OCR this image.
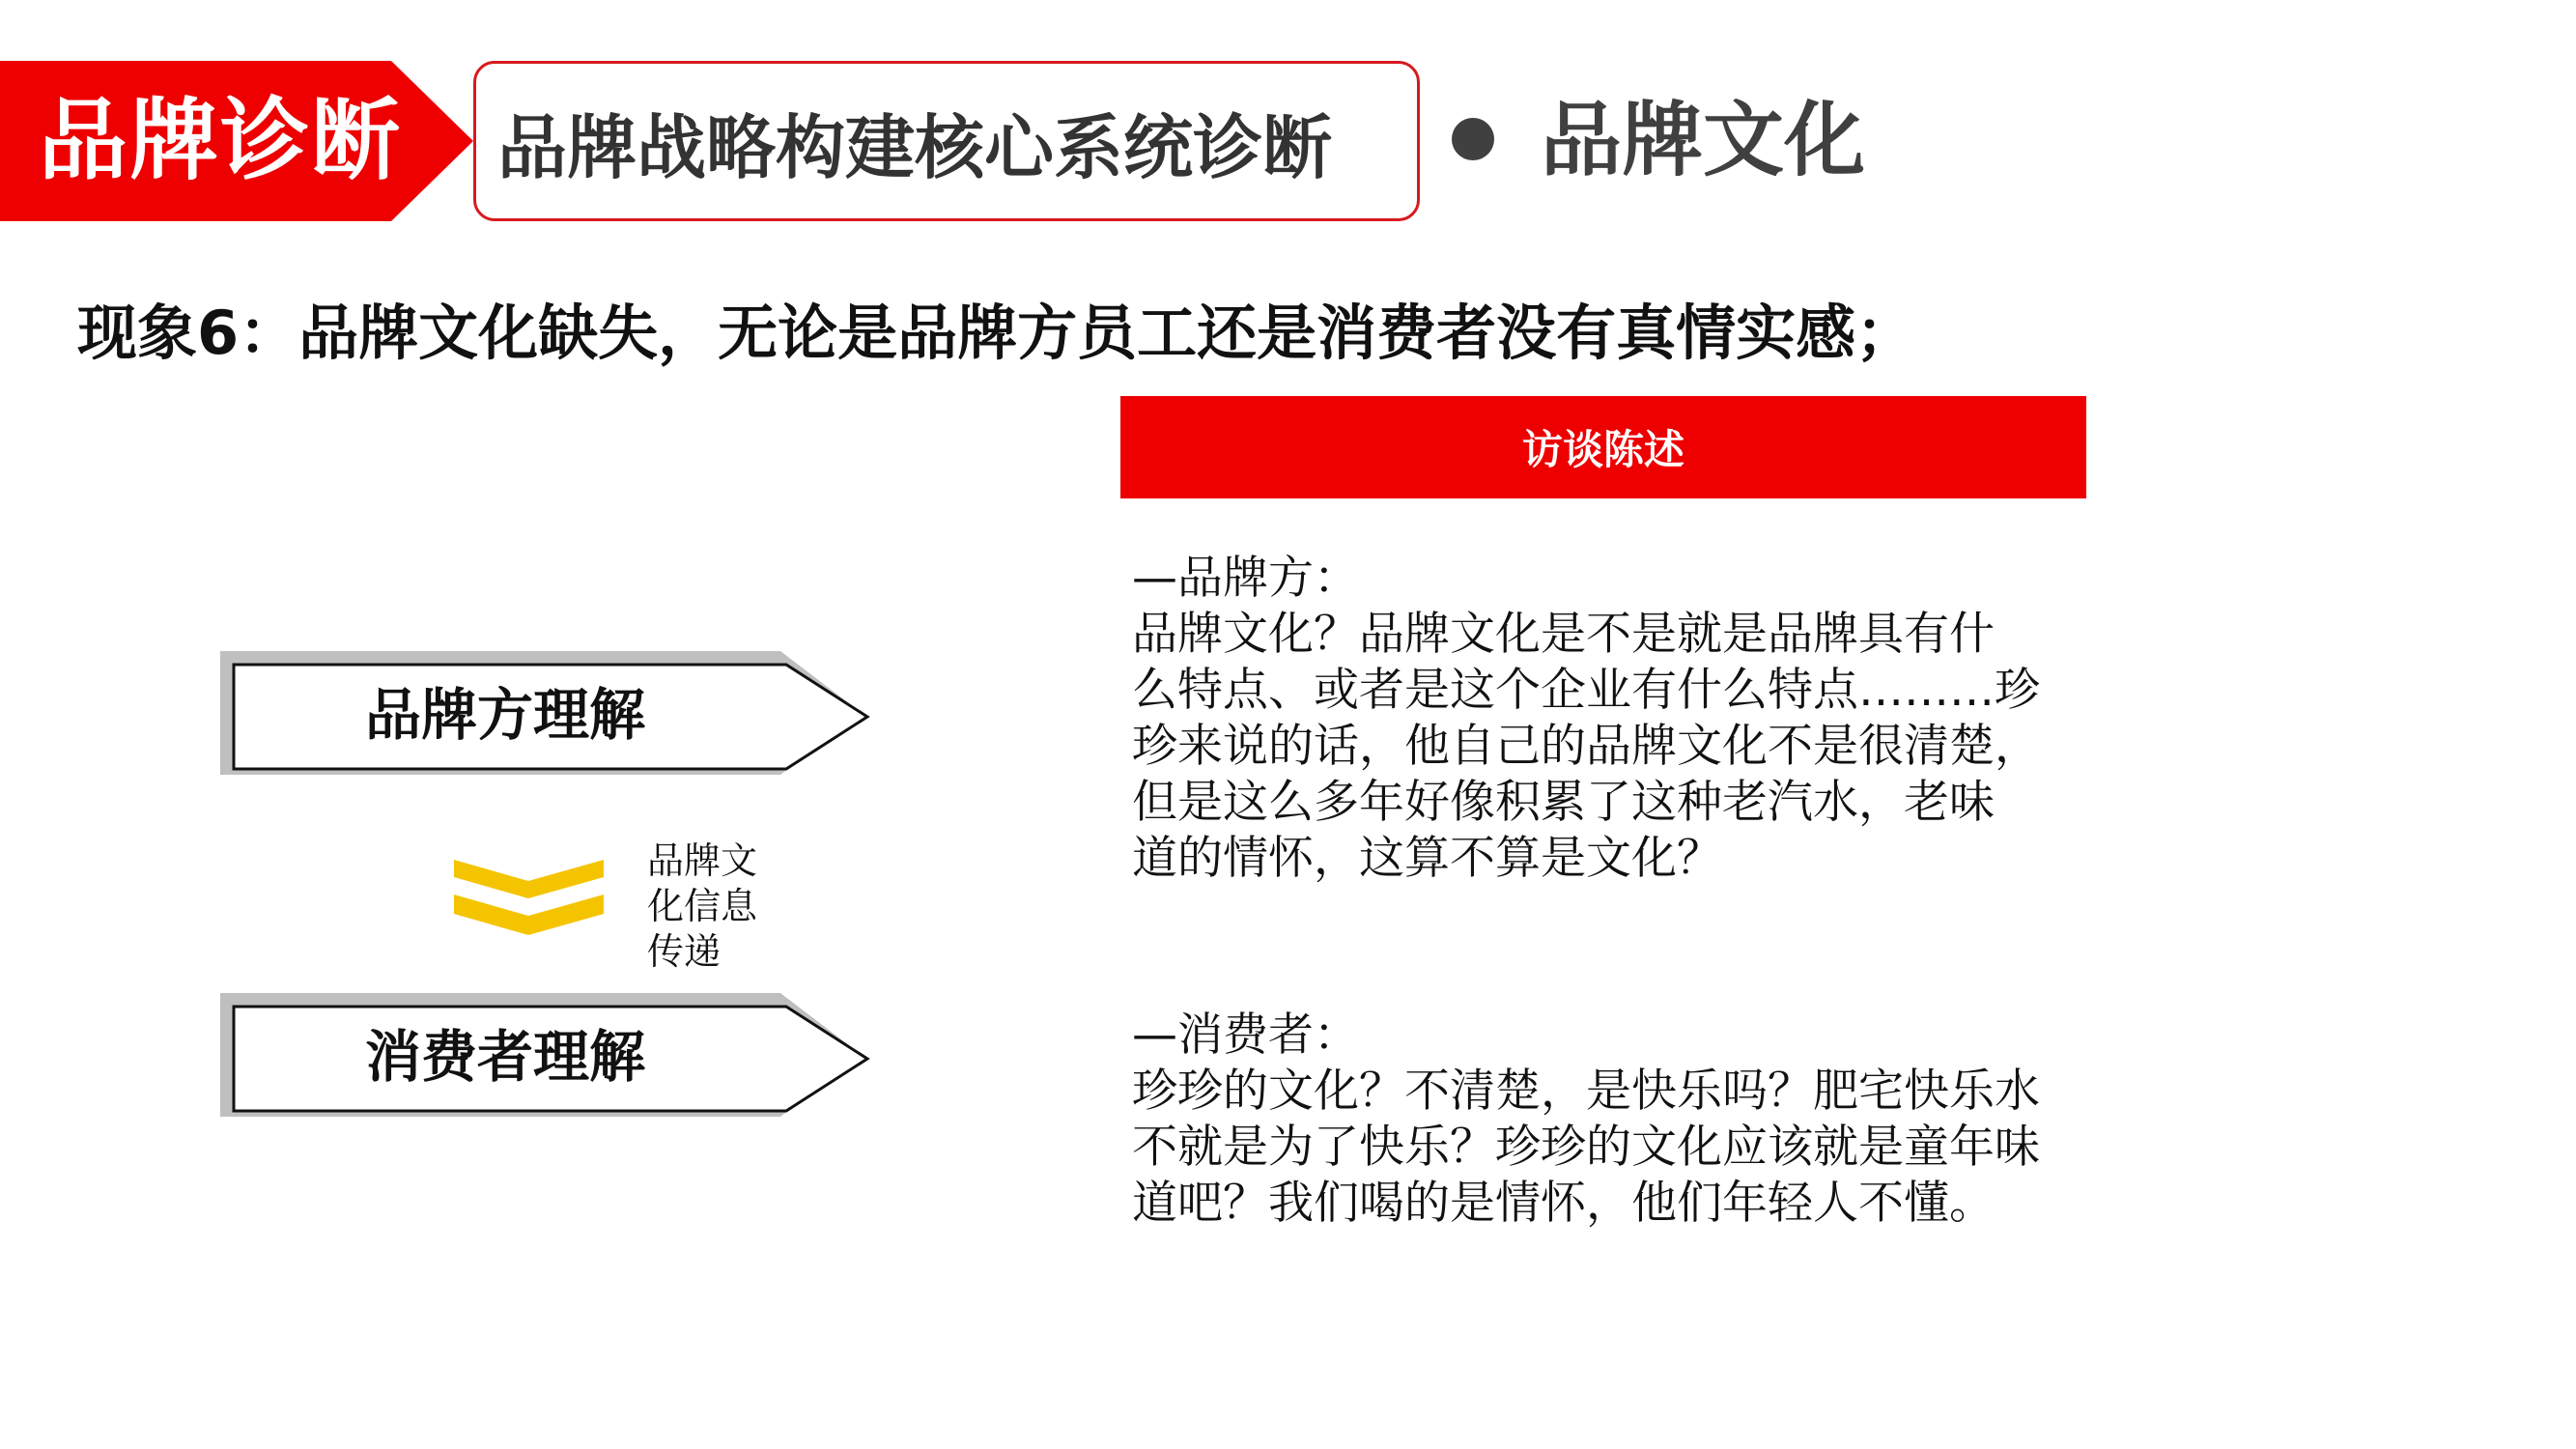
品牌诊断 品牌战略构建核心系统诊断	品牌文化
现象6：品牌文化缺失，无论是品牌方员工还是消费者没有真情实感；
访谈陈述
品牌方理解
品牌文
化信息
传递
消费者理解
—品牌方：
品牌文化？品牌文化是不是就是品牌具有什
么特点、或者是这个企业有什么特点………珍
珍来说的话，他自己的品牌文化不是很清楚，
但是这么多年好像积累了这种老汽水，老味
道的情怀，这算不算是文化？
—消费者：
珍珍的文化？不清楚，是快乐吗？肥宅快乐水
不就是为了快乐？珍珍的文化应该就是童年味
道吧？我们喝的是情怀，他们年轻人不懂。
